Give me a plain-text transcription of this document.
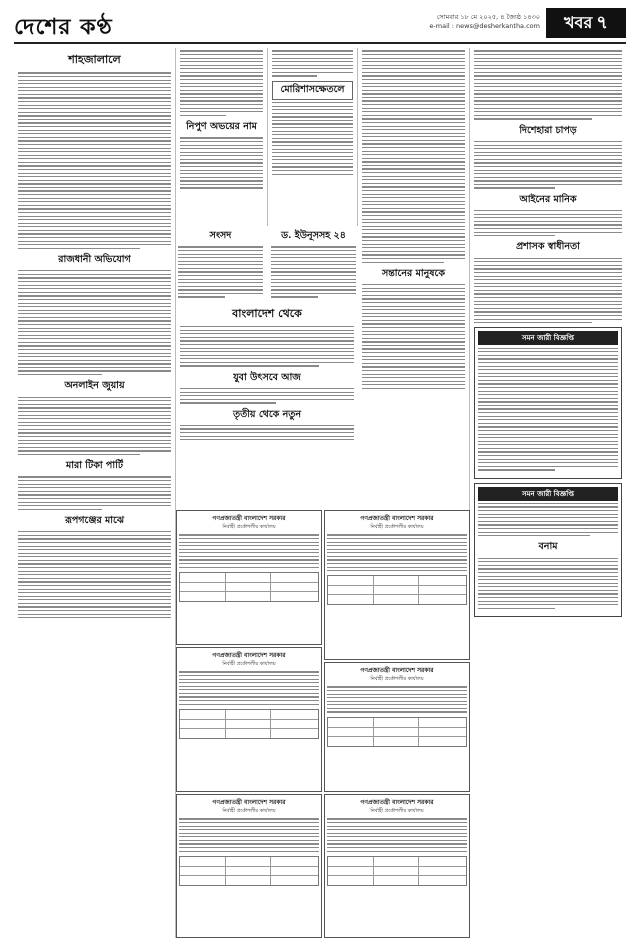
দেশের কণ্ঠ	সোমবার ১৮ মে ২০২৫, ৪ জ্যৈষ্ঠ ১৪৩০
e-mail : news@desherkantha.com	খবর ৭
শাহজালালে
রাজধানী অভিযোগ
অনলাইন জুয়ায়
মারা টিকা পার্টি
রূপগঞ্জের মাঝে
নিপুণ অভয়ের নাম
মোরিশাসক্ষেতলে
সন্তানের মানুষকে
সংসদ	ড. ইউনূসসহ ২৪
বাংলাদেশ থেকে
যুবা উৎসবে আজ
তৃতীয় থেকে নতুন
গণপ্রজাতন্ত্রী বাংলাদেশ সরকার
নির্বাহী প্রকৌশলীর কার্যালয়
গণপ্রজাতন্ত্রী বাংলাদেশ সরকার
নির্বাহী প্রকৌশলীর কার্যালয়
গণপ্রজাতন্ত্রী বাংলাদেশ সরকার
নির্বাহী প্রকৌশলীর কার্যালয়
গণপ্রজাতন্ত্রী বাংলাদেশ সরকার
নির্বাহী প্রকৌশলীর কার্যালয়
গণপ্রজাতন্ত্রী বাংলাদেশ সরকার
নির্বাহী প্রকৌশলীর কার্যালয়
গণপ্রজাতন্ত্রী বাংলাদেশ সরকার
নির্বাহী প্রকৌশলীর কার্যালয়
দিশেহারা চাপড়
আইনের মানিক
প্রশাসক স্বাধীনতা
সমন জারী বিজ্ঞপ্তি
সমন জারী বিজ্ঞপ্তি
বনাম
